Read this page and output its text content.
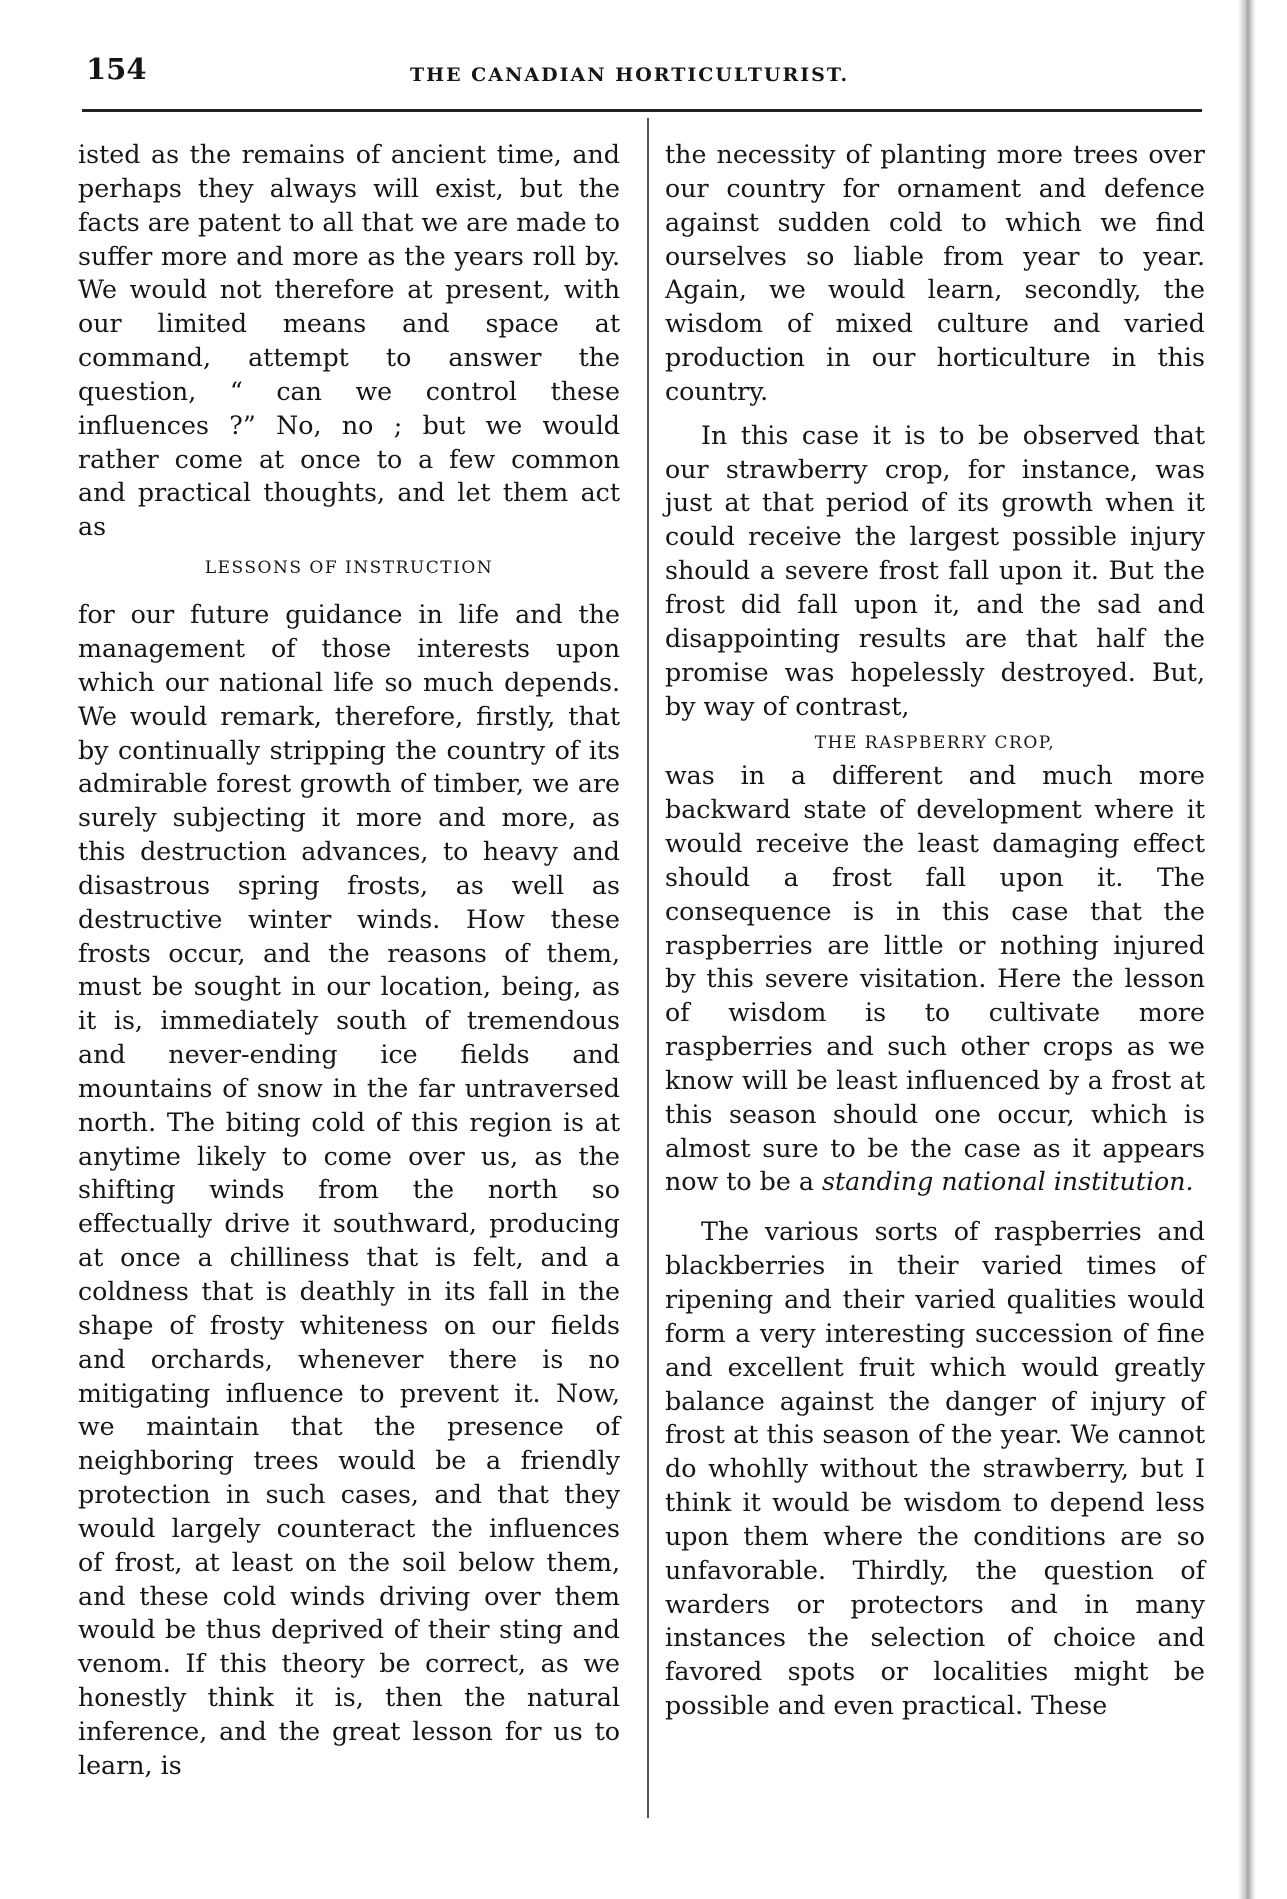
154	THE CANADIAN HORTICULTURIST.

isted as the remains of ancient time, and perhaps they always will exist, but the facts are patent to all that we are made to suffer more and more as the years roll by. We would not therefore at present, with our limited means and space at command, attempt to answer the question, “ can we control these influences ?” No, no ; but we would rather come at once to a few common and practical thoughts, and let them act as

LESSONS OF INSTRUCTION

for our future guidance in life and the management of those interests upon which our national life so much depends. We would remark, therefore, firstly, that by continually stripping the country of its admirable forest growth of timber, we are surely subjecting it more and more, as this destruction advances, to heavy and disastrous spring frosts, as well as destructive winter winds. How these frosts occur, and the reasons of them, must be sought in our location, being, as it is, immediately south of tremendous and never-ending ice fields and mountains of snow in the far untraversed north. The biting cold of this region is at anytime likely to come over us, as the shifting winds from the north so effectually drive it southward, producing at once a chilliness that is felt, and a coldness that is deathly in its fall in the shape of frosty whiteness on our fields and orchards, whenever there is no mitigating influence to prevent it. Now, we maintain that the presence of neighboring trees would be a friendly protection in such cases, and that they would largely counteract the influences of frost, at least on the soil below them, and these cold winds driving over them would be thus deprived of their sting and venom. If this theory be correct, as we honestly think it is, then the natural inference, and the great lesson for us to learn, is

the necessity of planting more trees over our country for ornament and defence against sudden cold to which we find ourselves so liable from year to year. Again, we would learn, secondly, the wisdom of mixed culture and varied production in our horticulture in this country.

In this case it is to be observed that our strawberry crop, for instance, was just at that period of its growth when it could receive the largest possible injury should a severe frost fall upon it. But the frost did fall upon it, and the sad and disappointing results are that half the promise was hopelessly destroyed. But, by way of contrast,

THE RASPBERRY CROP,

was in a different and much more backward state of development where it would receive the least damaging effect should a frost fall upon it. The consequence is in this case that the raspberries are little or nothing injured by this severe visitation. Here the lesson of wisdom is to cultivate more raspberries and such other crops as we know will be least influenced by a frost at this season should one occur, which is almost sure to be the case as it appears now to be a standing national institution.

The various sorts of raspberries and blackberries in their varied times of ripening and their varied qualities would form a very interesting succession of fine and excellent fruit which would greatly balance against the danger of injury of frost at this season of the year. We cannot do whohlly without the strawberry, but I think it would be wisdom to depend less upon them where the conditions are so unfavorable. Thirdly, the question of warders or protectors and in many instances the selection of choice and favored spots or localities might be possible and even practical. These
